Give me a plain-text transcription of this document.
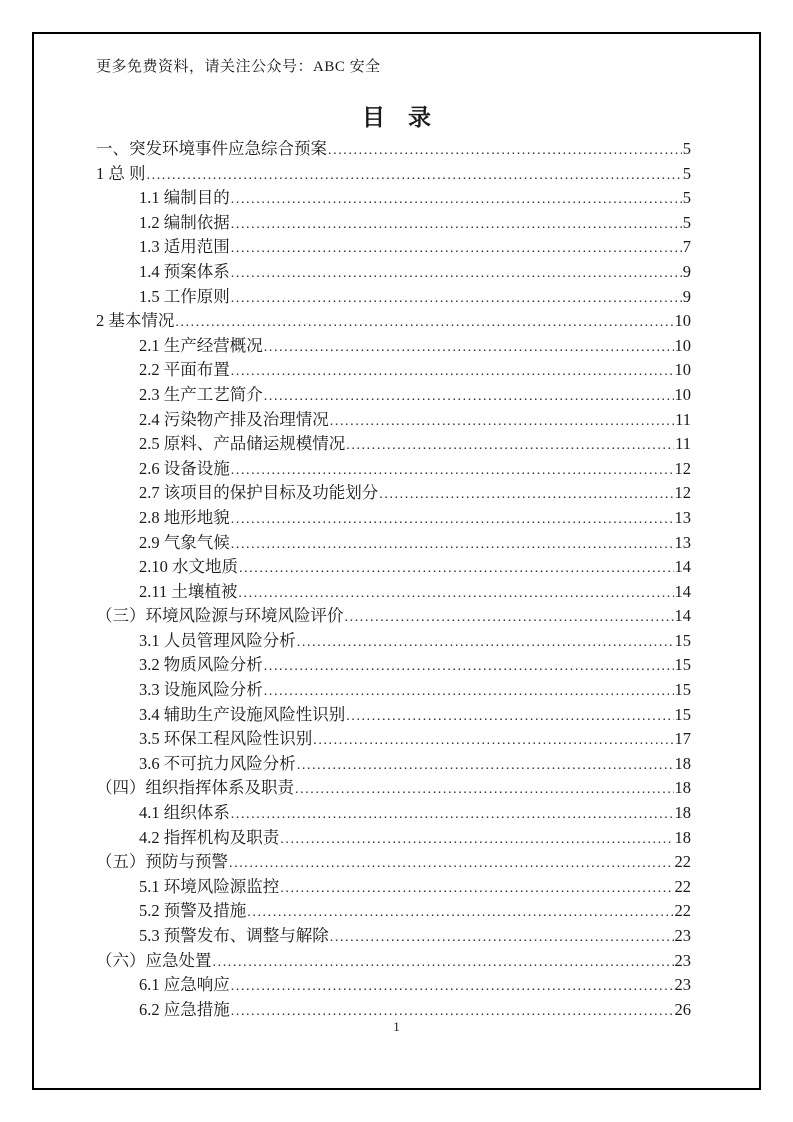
更多免费资料，请关注公众号：ABC 安全
目　录
一、突发环境事件应急综合预案 .....	5
1 总 则 .....	5
1.1 编制目的 .....	5
1.2 编制依据 .....	5
1.3 适用范围 .....	7
1.4 预案体系 .....	9
1.5 工作原则 .....	9
2 基本情况 .....	10
2.1 生产经营概况 .....	10
2.2 平面布置 .....	10
2.3 生产工艺简介 .....	10
2.4 污染物产排及治理情况 .....	11
2.5 原料、产品储运规模情况 .....	11
2.6 设备设施 .....	12
2.7 该项目的保护目标及功能划分 .....	12
2.8 地形地貌 .....	13
2.9 气象气候 .....	13
2.10 水文地质 .....	14
2.11 土壤植被 .....	14
（三）环境风险源与环境风险评价 .....	14
3.1 人员管理风险分析 .....	15
3.2 物质风险分析 .....	15
3.3 设施风险分析 .....	15
3.4 辅助生产设施风险性识别 .....	15
3.5 环保工程风险性识别 .....	17
3.6 不可抗力风险分析 .....	18
（四）组织指挥体系及职责 .....	18
4.1 组织体系 .....	18
4.2 指挥机构及职责 .....	18
（五）预防与预警 .....	22
5.1 环境风险源监控 .....	22
5.2 预警及措施 .....	22
5.3 预警发布、调整与解除 .....	23
（六）应急处置 .....	23
6.1 应急响应 .....	23
6.2 应急措施 .....	26
1
